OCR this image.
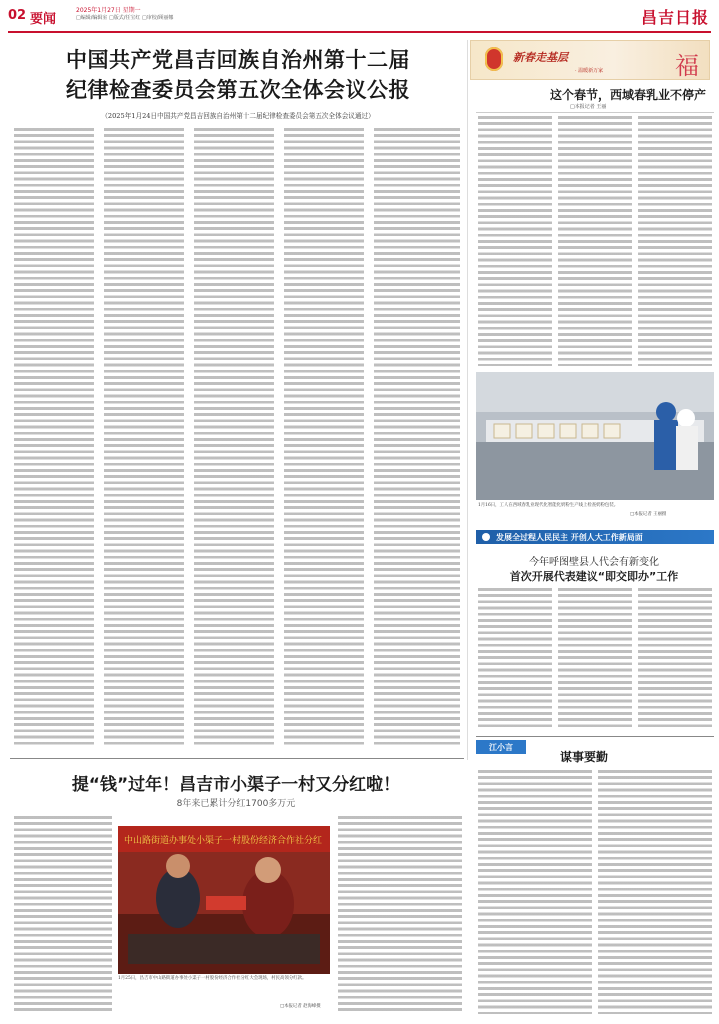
02 要闻
2025年1月27日 星期一
□编辑/编辑室 □版式/任宝红 □审校/顾丽娜	昌吉日报
中国共产党昌吉回族自治州第十二届
纪律检查委员会第五次全体会议公报
（2025年1月24日中国共产党昌吉回族自治州第十二届纪律检查委员会第五次全体会议通过）
新春走基层
· 温暖新万家	福
这个春节，西域春乳业不停产
□本报记者 王丽
1月16日，工人在西域春乳业现代化智能化奶粉生产线上检查奶粉包装。
□本报记者 王丽摄
发展全过程人民民主 开创人大工作新局面
今年呼图壁县人代会有新变化
首次开展代表建议“即交即办”工作
提“钱”过年！昌吉市小渠子一村又分红啦！
8年来已累计分红1700多万元
中山路街道办事处小渠子一村股份经济合作社分红
1月25日，昌吉市中山路街道办事处小渠子一村股份经济合作社分红大会现场，村民高领分红款。
□本报记者 赵海峰摄
江小言
谋事要勤
